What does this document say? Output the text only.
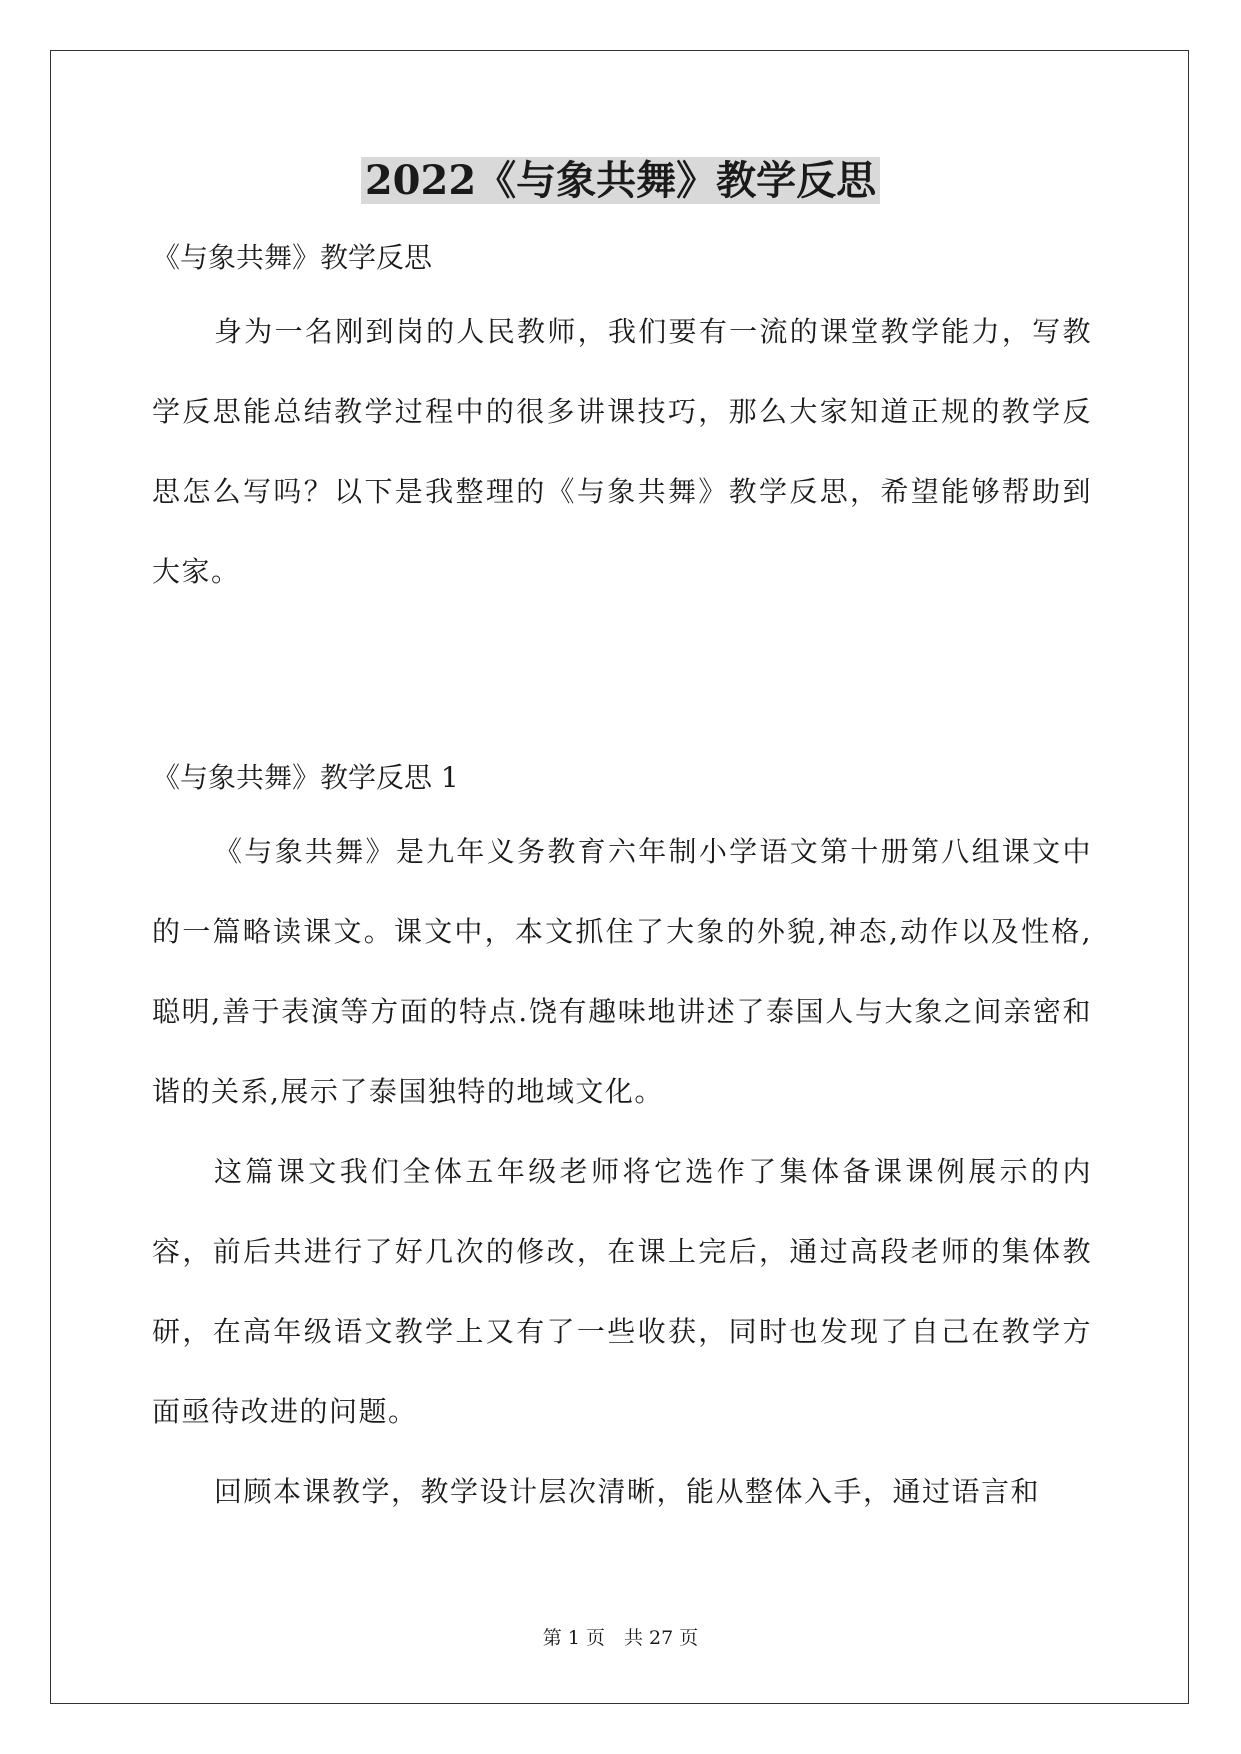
2022《与象共舞》教学反思
《与象共舞》教学反思

身为一名刚到岗的人民教师，我们要有一流的课堂教学能力，写教学反思能总结教学过程中的很多讲课技巧，那么大家知道正规的教学反思怎么写吗？以下是我整理的《与象共舞》教学反思，希望能够帮助到大家。

《与象共舞》教学反思 1

《与象共舞》是九年义务教育六年制小学语文第十册第八组课文中的一篇略读课文。课文中，本文抓住了大象的外貌,神态,动作以及性格,聪明,善于表演等方面的特点.饶有趣味地讲述了泰国人与大象之间亲密和谐的关系,展示了泰国独特的地域文化。

这篇课文我们全体五年级老师将它选作了集体备课课例展示的内容，前后共进行了好几次的修改，在课上完后，通过高段老师的集体教研，在高年级语文教学上又有了一些收获，同时也发现了自己在教学方面亟待改进的问题。

回顾本课教学，教学设计层次清晰，能从整体入手，通过语言和

第 1 页　共 27 页
